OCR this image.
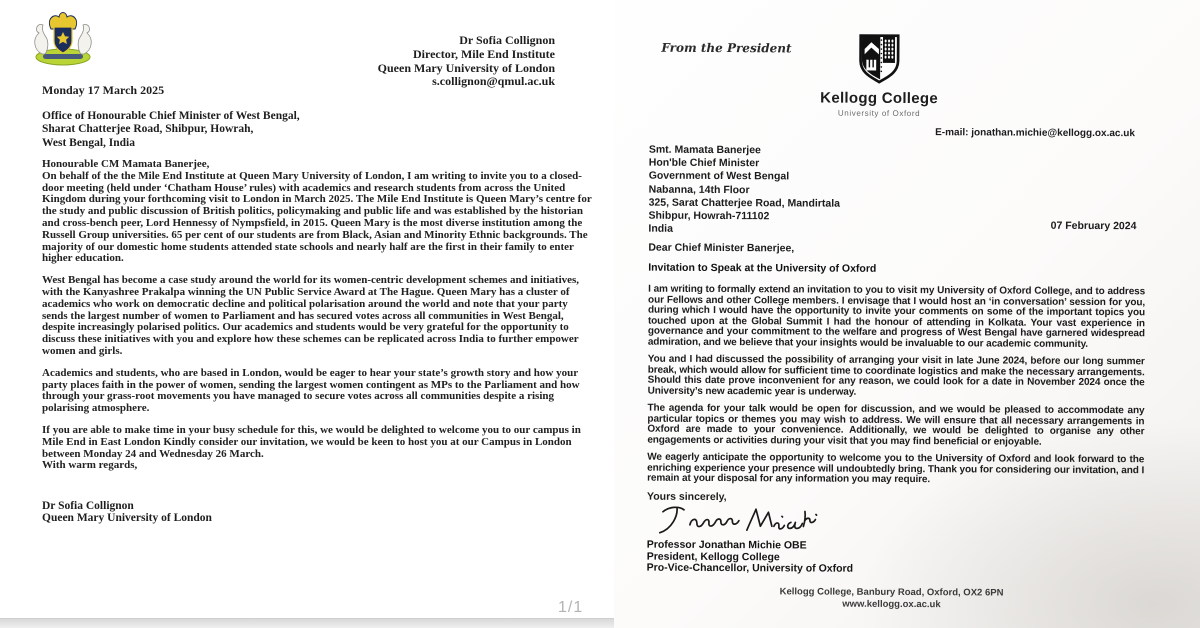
Dr Sofia Collignon
Director, Mile End Institute
Queen Mary University of London
s.collignon@qmul.ac.uk
Monday 17 March 2025
Office of Honourable Chief Minister of West Bengal,
Sharat Chatterjee Road, Shibpur, Howrah,
West Bengal, India
Honourable CM Mamata Banerjee,

On behalf of the the Mile End Institute at Queen Mary University of London, I am writing to invite you to a closed-door meeting (held under ‘Chatham House’ rules) with academics and research students from across the United Kingdom during your forthcoming visit to London in March 2025. The Mile End Institute is Queen Mary’s centre for the study and public discussion of British politics, policymaking and public life and was established by the historian and cross-bench peer, Lord Hennessy of Nympsfield, in 2015. Queen Mary is the most diverse institution among the Russell Group universities. 65 per cent of our students are from Black, Asian and Minority Ethnic backgrounds. The majority of our domestic home students attended state schools and nearly half are the first in their family to enter higher education.

West Bengal has become a case study around the world for its women-centric development schemes and initiatives, with the Kanyashree Prakalpa winning the UN Public Service Award at The Hague. Queen Mary has a cluster of academics who work on democratic decline and political polarisation around the world and note that your party sends the largest number of women to Parliament and has secured votes across all communities in West Bengal, despite increasingly polarised politics. Our academics and students would be very grateful for the opportunity to discuss these initiatives with you and explore how these schemes can be replicated across India to further empower women and girls.

Academics and students, who are based in London, would be eager to hear your state’s growth story and how your party places faith in the power of women, sending the largest women contingent as MPs to the Parliament and how through your grass-root movements you have managed to secure votes across all communities despite a rising polarising atmosphere.

If you are able to make time in your busy schedule for this, we would be delighted to welcome you to our campus in Mile End in East London Kindly consider our invitation, we would be keen to host you at our Campus in London between Monday 24 and Wednesday 26 March.

With warm regards,
Dr Sofia Collignon
Queen Mary University of London
1/1
From the President
Kellogg College
University of Oxford
E-mail: jonathan.michie@kellogg.ox.ac.uk
Smt. Mamata Banerjee
Hon'ble Chief Minister
Government of West Bengal
Nabanna, 14th Floor
325, Sarat Chatterjee Road, Mandirtala
Shibpur, Howrah-711102
India	07 February 2024
Dear Chief Minister Banerjee,
Invitation to Speak at the University of Oxford

I am writing to formally extend an invitation to you to visit my University of Oxford College, and to address our Fellows and other College members. I envisage that I would host an ‘in conversation’ session for you, during which I would have the opportunity to invite your comments on some of the important topics you touched upon at the Global Summit I had the honour of attending in Kolkata. Your vast experience in governance and your commitment to the welfare and progress of West Bengal have garnered widespread admiration, and we believe that your insights would be invaluable to our academic community.

You and I had discussed the possibility of arranging your visit in late June 2024, before our long summer break, which would allow for sufficient time to coordinate logistics and make the necessary arrangements. Should this date prove inconvenient for any reason, we could look for a date in November 2024 once the University’s new academic year is underway.

The agenda for your talk would be open for discussion, and we would be pleased to accommodate any particular topics or themes you may wish to address. We will ensure that all necessary arrangements in Oxford are made to your convenience. Additionally, we would be delighted to organise any other engagements or activities during your visit that you may find beneficial or enjoyable.

We eagerly anticipate the opportunity to welcome you to the University of Oxford and look forward to the enriching experience your presence will undoubtedly bring. Thank you for considering our invitation, and I remain at your disposal for any information you may require.

Yours sincerely,
Professor Jonathan Michie OBE
President, Kellogg College
Pro-Vice-Chancellor, University of Oxford
Kellogg College, Banbury Road, Oxford, OX2 6PN
www.kellogg.ox.ac.uk
